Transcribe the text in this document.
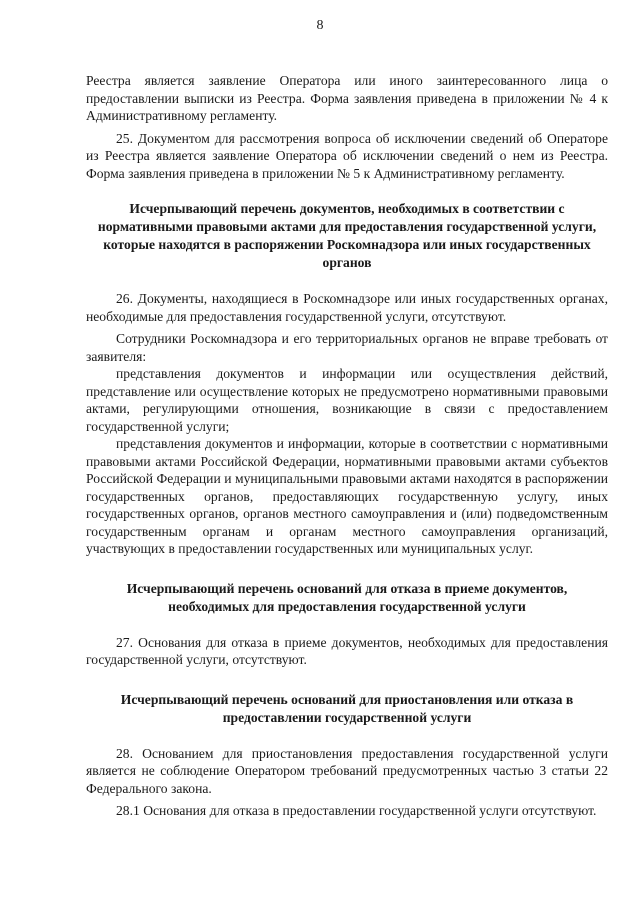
8

Реестра является заявление Оператора или иного заинтересованного лица о предоставлении выписки из Реестра. Форма заявления приведена в приложении № 4 к Административному регламенту.

25. Документом для рассмотрения вопроса об исключении сведений об Операторе из Реестра является заявление Оператора об исключении сведений о нем из Реестра. Форма заявления приведена в приложении № 5 к Административному регламенту.

Исчерпывающий перечень документов, необходимых в соответствии с нормативными правовыми актами для предоставления государственной услуги, которые находятся в распоряжении Роскомнадзора или иных государственных органов

26. Документы, находящиеся в Роскомнадзоре или иных государственных органах, необходимые для предоставления государственной услуги, отсутствуют.

Сотрудники Роскомнадзора и его территориальных органов не вправе требовать от заявителя:

представления документов и информации или осуществления действий, представление или осуществление которых не предусмотрено нормативными правовыми актами, регулирующими отношения, возникающие в связи с предоставлением государственной услуги;

представления документов и информации, которые в соответствии с нормативными правовыми актами Российской Федерации, нормативными правовыми актами субъектов Российской Федерации и муниципальными правовыми актами находятся в распоряжении государственных органов, предоставляющих государственную услугу, иных государственных органов, органов местного самоуправления и (или) подведомственным государственным органам и органам местного самоуправления организаций, участвующих в предоставлении государственных или муниципальных услуг.

Исчерпывающий перечень оснований для отказа в приеме документов, необходимых для предоставления государственной услуги

27. Основания для отказа в приеме документов, необходимых для предоставления государственной услуги, отсутствуют.

Исчерпывающий перечень оснований для приостановления или отказа в предоставлении государственной услуги

28. Основанием для приостановления предоставления государственной услуги является не соблюдение Оператором требований предусмотренных частью 3 статьи 22 Федерального закона.

28.1 Основания для отказа в предоставлении государственной услуги отсутствуют.
